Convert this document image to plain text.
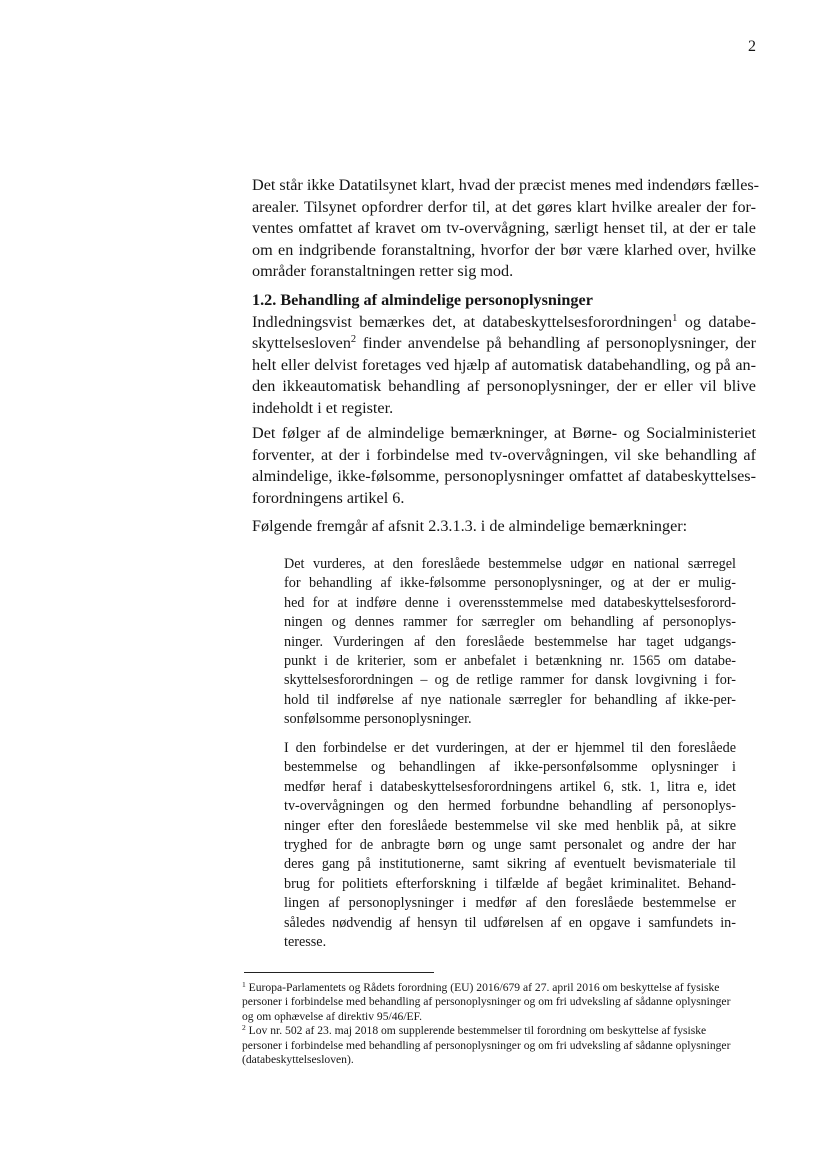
2

Det står ikke Datatilsynet klart, hvad der præcist menes med indendørs fælles-
arealer. Tilsynet opfordrer derfor til, at det gøres klart hvilke arealer der for-
ventes omfattet af kravet om tv-overvågning, særligt henset til, at der er tale
om en indgribende foranstaltning, hvorfor der bør være klarhed over, hvilke
områder foranstaltningen retter sig mod.

1.2. Behandling af almindelige personoplysninger
Indledningsvist bemærkes det, at databeskyttelsesforordningen$^1$ og databe-
skyttelsesloven$^2$ finder anvendelse på behandling af personoplysninger, der
helt eller delvist foretages ved hjælp af automatisk databehandling, og på an-
den ikkeautomatisk behandling af personoplysninger, der er eller vil blive
indeholdt i et register.

Det følger af de almindelige bemærkninger, at Børne- og Socialministeriet
forventer, at der i forbindelse med tv-overvågningen, vil ske behandling af
almindelige, ikke-følsomme, personoplysninger omfattet af databeskyttelses-
forordningens artikel 6.

Følgende fremgår af afsnit 2.3.1.3. i de almindelige bemærkninger:

Det vurderes, at den foreslåede bestemmelse udgør en national særregel
for behandling af ikke-følsomme personoplysninger, og at der er mulig-
hed for at indføre denne i overensstemmelse med databeskyttelsesforord-
ningen og dennes rammer for særregler om behandling af personoplys-
ninger. Vurderingen af den foreslåede bestemmelse har taget udgangs-
punkt i de kriterier, som er anbefalet i betænkning nr. 1565 om databe-
skyttelsesforordningen – og de retlige rammer for dansk lovgivning i for-
hold til indførelse af nye nationale særregler for behandling af ikke-per-
sonfølsomme personoplysninger.

I den forbindelse er det vurderingen, at der er hjemmel til den foreslåede
bestemmelse og behandlingen af ikke-personfølsomme oplysninger i
medfør heraf i databeskyttelsesforordningens artikel 6, stk. 1, litra e, idet
tv-overvågningen og den hermed forbundne behandling af personoplys-
ninger efter den foreslåede bestemmelse vil ske med henblik på, at sikre
tryghed for de anbragte børn og unge samt personalet og andre der har
deres gang på institutionerne, samt sikring af eventuelt bevismateriale til
brug for politiets efterforskning i tilfælde af begået kriminalitet. Behand-
lingen af personoplysninger i medfør af den foreslåede bestemmelse er
således nødvendig af hensyn til udførelsen af en opgave i samfundets in-
teresse.

$^1$ Europa-Parlamentets og Rådets forordning (EU) 2016/679 af 27. april 2016 om beskyttelse af fysiske personer i forbindelse med behandling af personoplysninger og om fri udveksling af sådanne oplysninger og om ophævelse af direktiv 95/46/EF.

$^2$ Lov nr. 502 af 23. maj 2018 om supplerende bestemmelser til forordning om beskyttelse af fysiske personer i forbindelse med behandling af personoplysninger og om fri udveksling af sådanne oplysninger (databeskyttelsesloven).
